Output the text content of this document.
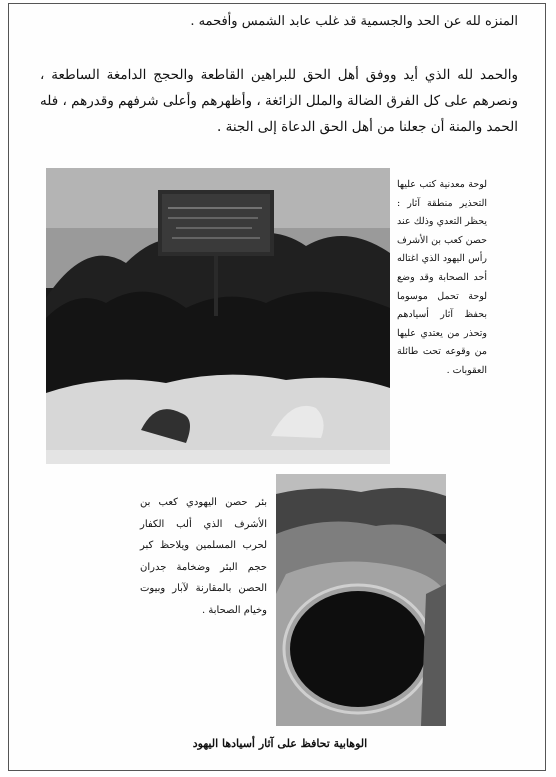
المنزه لله عن الحد والجسمية قد غلب عابد الشمس وأفحمه .
والحمد لله الذي أيد ووفق أهل الحق للبراهين القاطعة والحجج الدامغة الساطعة ، ونصرهم على كل الفرق الضالة والملل الزائغة ، وأظهرهم وأعلى شرفهم وقدرهم ، فله الحمد والمنة أن جعلنا من أهل الحق الدعاة إلى الجنة .
لوحة معدنية كتب عليها التحذير منطقة آثار : يحظر التعدي وذلك عند حصن كعب بن الأشرف رأس اليهود الذي اغتاله أحد الصحابة وقد وضع لوحة تحمل موسوما بحفظ آثار أسيادهم وتحذر من يعتدي عليها من وقوعه تحت طائلة العقوبات .
بئر حصن اليهودي كعب بن الأشرف الذي ألب الكفار لحرب المسلمين ويلاحظ كبر حجم البئر وضخامة جدران الحصن بالمقارنة لآبار وبيوت وخيام الصحابة .
الوهابية تحافظ على آثار أسيادها اليهود
